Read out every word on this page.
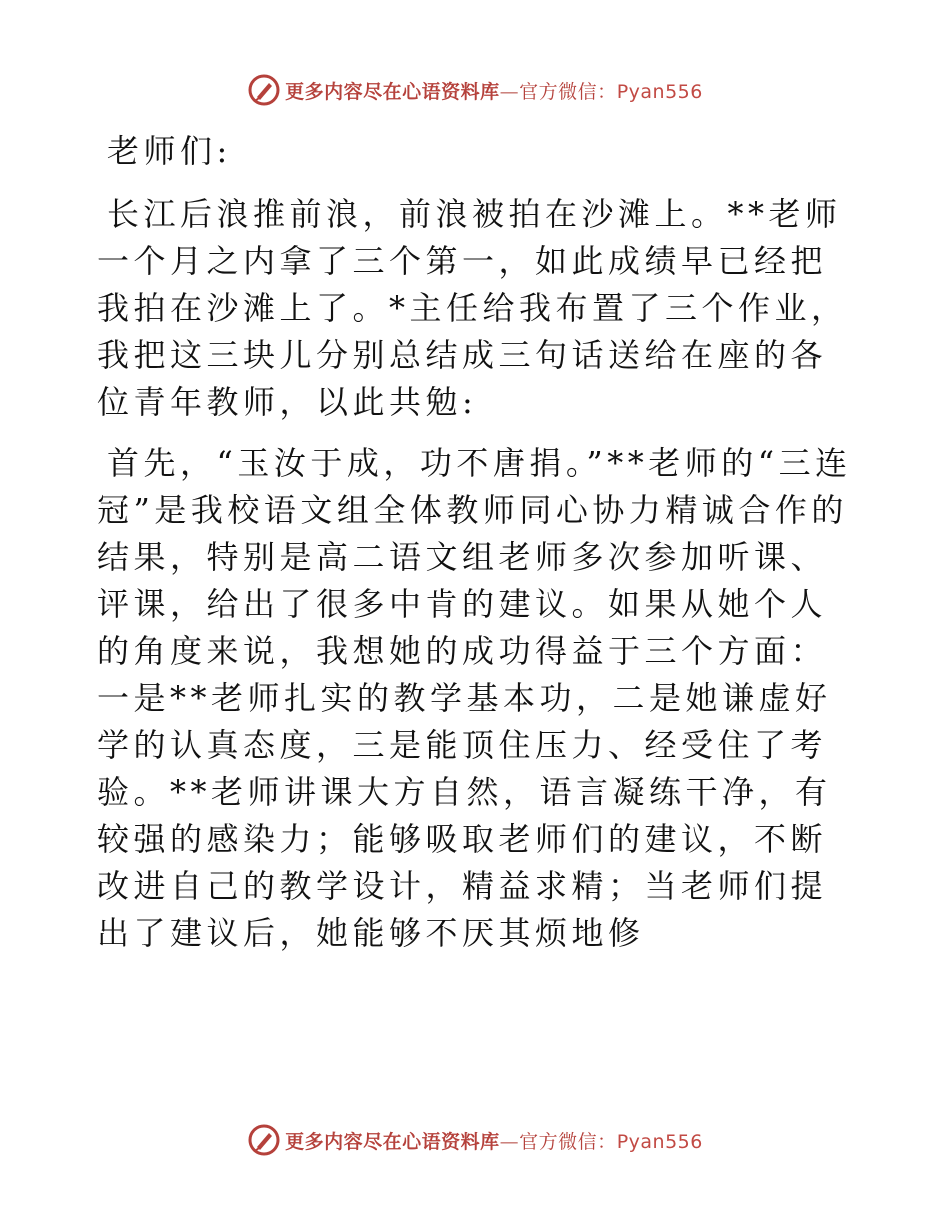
更多内容尽在心语资料库—官方微信：Pyan556

老师们:

长江后浪推前浪，前浪被拍在沙滩上。**老师一个月之内拿了三个第一，如此成绩早已经把我拍在沙滩上了。*主任给我布置了三个作业，我把这三块儿分别总结成三句话送给在座的各位青年教师，以此共勉:

首先，“玉汝于成，功不唐捐。”**老师的“三连冠”是我校语文组全体教师同心协力精诚合作的结果，特别是高二语文组老师多次参加听课、评课，给出了很多中肯的建议。如果从她个人的角度来说，我想她的成功得益于三个方面：一是**老师扎实的教学基本功，二是她谦虚好学的认真态度，三是能顶住压力、经受住了考验。**老师讲课大方自然，语言凝练干净，有较强的感染力；能够吸取老师们的建议，不断改进自己的教学设计，精益求精；当老师们提出了建议后，她能够不厌其烦地修

更多内容尽在心语资料库—官方微信：Pyan556
